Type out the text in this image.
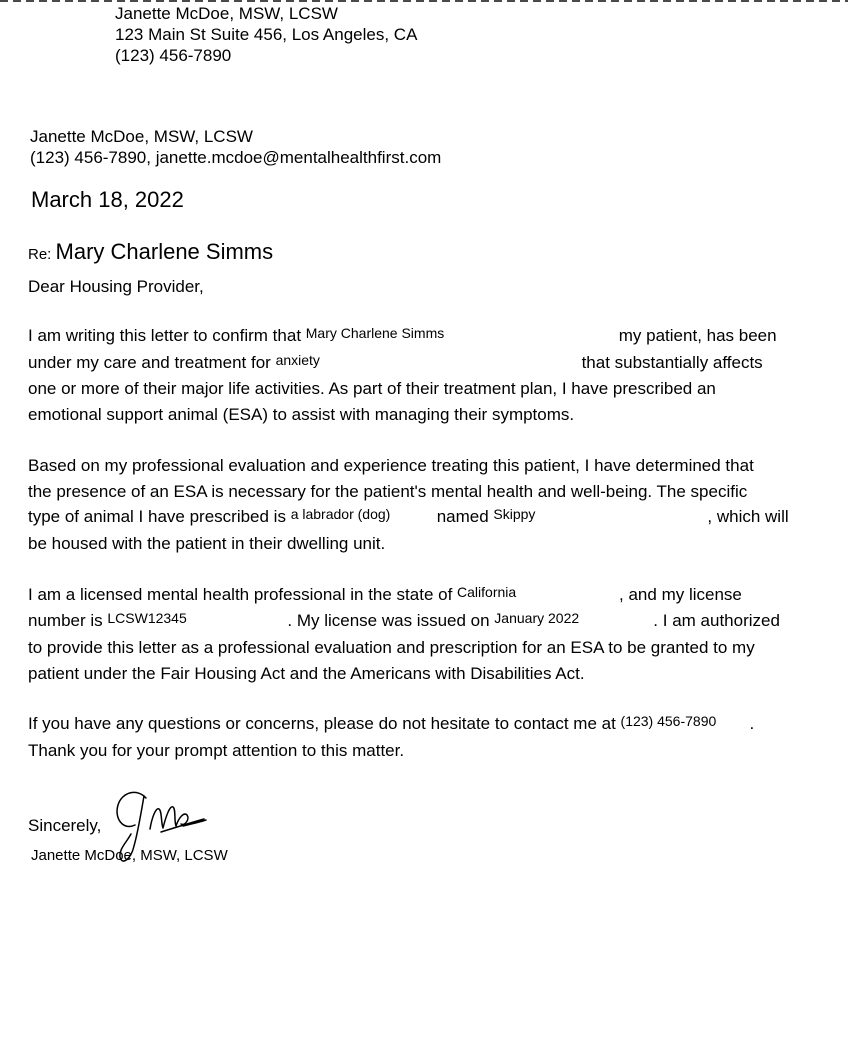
Janette McDoe, MSW, LCSW
123 Main St Suite 456, Los Angeles, CA
(123) 456-7890
Janette McDoe, MSW, LCSW
(123) 456-7890, janette.mcdoe@mentalhealthfirst.com
March 18, 2022
Re: Mary Charlene Simms
Dear Housing Provider,
I am writing this letter to confirm that Mary Charlene Simms	my patient, has been
under my care and treatment for anxiety	that substantially affects
one or more of their major life activities. As part of their treatment plan, I have prescribed an
emotional support animal (ESA) to assist with managing their symptoms.
Based on my professional evaluation and experience treating this patient, I have determined that
the presence of an ESA is necessary for the patient's mental health and well-being. The specific
type of animal I have prescribed is a labrador (dog)	named Skippy	, which will
be housed with the patient in their dwelling unit.
I am a licensed mental health professional in the state of California	, and my license
number is LCSW12345	. My license was issued on January 2022	. I am authorized
to provide this letter as a professional evaluation and prescription for an ESA to be granted to my
patient under the Fair Housing Act and the Americans with Disabilities Act.
If you have any questions or concerns, please do not hesitate to contact me at (123) 456-7890 .
Thank you for your prompt attention to this matter.
Sincerely,
Janette McDoe, MSW, LCSW
